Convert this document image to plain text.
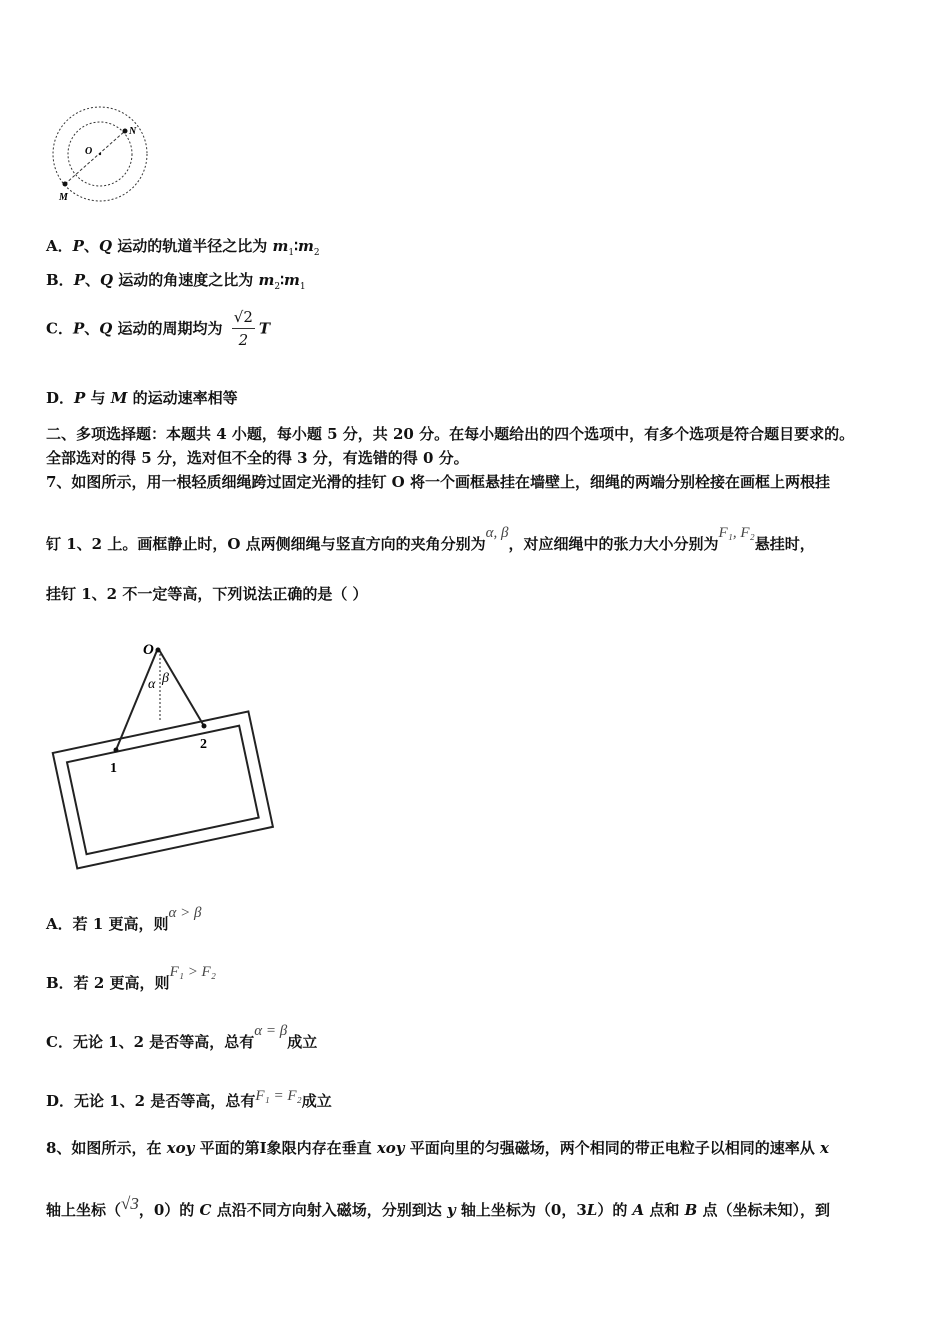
O
N
M
A．P、Q 运动的轨道半径之比为 $m_1∶m_2$
B．P、Q 运动的角速度之比为 $m_2∶m_1$
C．P、Q 运动的周期均为 $\frac{√2}{2}$ T
D．P 与 M 的运动速率相等
二、多项选择题：本题共 4 小题，每小题 5 分，共 20 分。在每小题给出的四个选项中，有多个选项是符合题目要求的。
全部选对的得 5 分，选对但不全的得 3 分，有选错的得 0 分。
7、如图所示，用一根轻质细绳跨过固定光滑的挂钉 O 将一个画框悬挂在墙壁上，细绳的两端分别栓接在画框上两根挂
钉 1、2 上。画框静止时，O 点两侧细绳与竖直方向的夹角分别为α, β，对应细绳中的张力大小分别为F₁, F₂悬挂时，
挂钉 1、2 不一定等高，下列说法正确的是（ ）
O
α β
1
2
A．若 1 更高，则α > β
B．若 2 更高，则F₁ > F₂
C．无论 1、2 是否等高，总有α = β成立
D．无论 1、2 是否等高，总有F₁ = F₂成立
8、如图所示，在 xoy 平面的第Ⅰ象限内存在垂直 xoy 平面向里的匀强磁场，两个相同的带正电粒子以相同的速率从 x
轴上坐标（√3，0）的 C 点沿不同方向射入磁场，分别到达 y 轴上坐标为（0，3L）的 A 点和 B 点（坐标未知），到
